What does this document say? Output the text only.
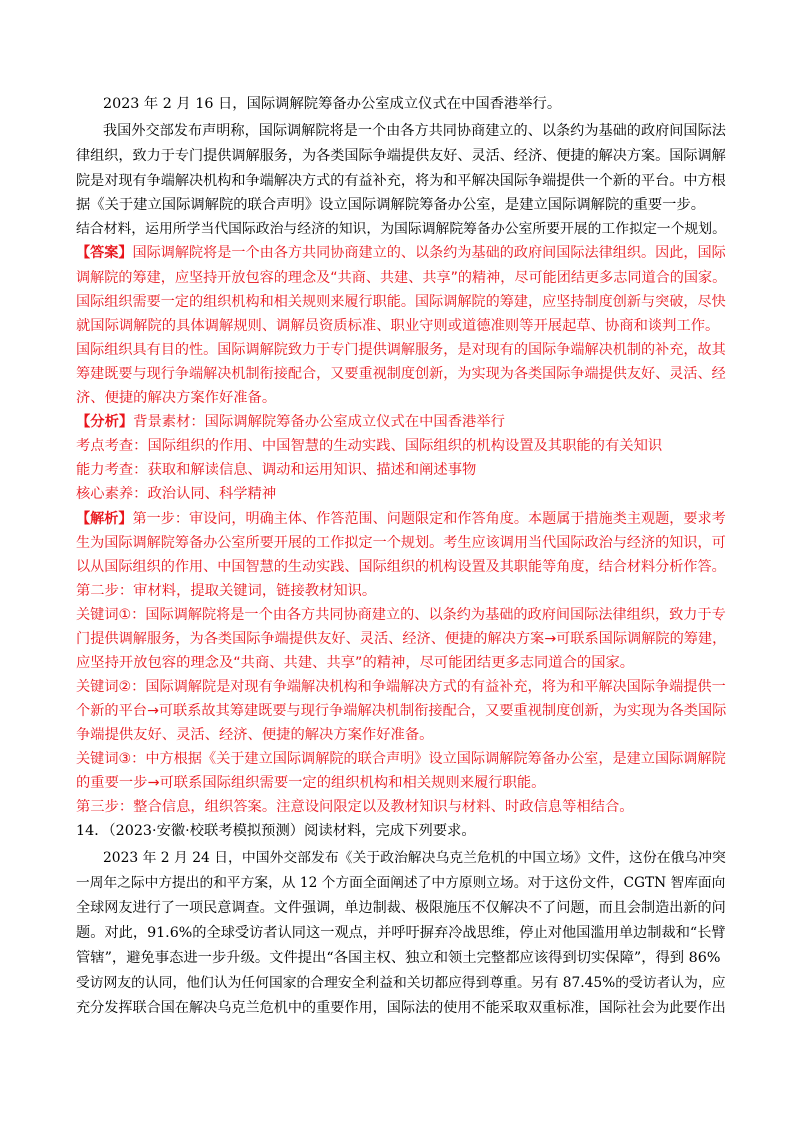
2023 年 2 月 16 日，国际调解院筹备办公室成立仪式在中国香港举行。
我国外交部发布声明称，国际调解院将是一个由各方共同协商建立的、以条约为基础的政府间国际法
律组织，致力于专门提供调解服务，为各类国际争端提供友好、灵活、经济、便捷的解决方案。国际调解
院是对现有争端解决机构和争端解决方式的有益补充，将为和平解决国际争端提供一个新的平台。中方根
据《关于建立国际调解院的联合声明》设立国际调解院筹备办公室，是建立国际调解院的重要一步。
结合材料，运用所学当代国际政治与经济的知识，为国际调解院筹备办公室所要开展的工作拟定一个规划。
【答案】国际调解院将是一个由各方共同协商建立的、以条约为基础的政府间国际法律组织。因此，国际
调解院的筹建，应坚持开放包容的理念及“共商、共建、共享”的精神，尽可能团结更多志同道合的国家。
国际组织需要一定的组织机构和相关规则来履行职能。国际调解院的筹建，应坚持制度创新与突破，尽快
就国际调解院的具体调解规则、调解员资质标准、职业守则或道德准则等开展起草、协商和谈判工作。
国际组织具有目的性。国际调解院致力于专门提供调解服务，是对现有的国际争端解决机制的补充，故其
筹建既要与现行争端解决机制衔接配合，又要重视制度创新，为实现为各类国际争端提供友好、灵活、经
济、便捷的解决方案作好准备。
【分析】背景素材：国际调解院筹备办公室成立仪式在中国香港举行
考点考查：国际组织的作用、中国智慧的生动实践、国际组织的机构设置及其职能的有关知识
能力考查：获取和解读信息、调动和运用知识、描述和阐述事物
核心素养：政治认同、科学精神
【解析】第一步：审设问，明确主体、作答范围、问题限定和作答角度。本题属于措施类主观题，要求考
生为国际调解院筹备办公室所要开展的工作拟定一个规划。考生应该调用当代国际政治与经济的知识，可
以从国际组织的作用、中国智慧的生动实践、国际组织的机构设置及其职能等角度，结合材料分析作答。
第二步：审材料，提取关键词，链接教材知识。
关键词①：国际调解院将是一个由各方共同协商建立的、以条约为基础的政府间国际法律组织，致力于专
门提供调解服务，为各类国际争端提供友好、灵活、经济、便捷的解决方案→可联系国际调解院的筹建，
应坚持开放包容的理念及“共商、共建、共享”的精神，尽可能团结更多志同道合的国家。
关键词②：国际调解院是对现有争端解决机构和争端解决方式的有益补充，将为和平解决国际争端提供一
个新的平台→可联系故其筹建既要与现行争端解决机制衔接配合，又要重视制度创新，为实现为各类国际
争端提供友好、灵活、经济、便捷的解决方案作好准备。
关键词③：中方根据《关于建立国际调解院的联合声明》设立国际调解院筹备办公室，是建立国际调解院
的重要一步→可联系国际组织需要一定的组织机构和相关规则来履行职能。
第三步：整合信息，组织答案。注意设问限定以及教材知识与材料、时政信息等相结合。
14．（2023·安徽·校联考模拟预测）阅读材料，完成下列要求。
2023 年 2 月 24 日，中国外交部发布《关于政治解决乌克兰危机的中国立场》文件，这份在俄乌冲突
一周年之际中方提出的和平方案，从 12 个方面全面阐述了中方原则立场。对于这份文件，CGTN 智库面向
全球网友进行了一项民意调查。文件强调，单边制裁、极限施压不仅解决不了问题，而且会制造出新的问
题。对此，91.6%的全球受访者认同这一观点，并呼吁摒弃冷战思维，停止对他国滥用单边制裁和“长臂
管辖”，避免事态进一步升级。文件提出“各国主权、独立和领土完整都应该得到切实保障”，得到 86%
受访网友的认同，他们认为任何国家的合理安全利益和关切都应得到尊重。另有 87.45%的受访者认为，应
充分发挥联合国在解决乌克兰危机中的重要作用，国际法的使用不能采取双重标准，国际社会为此要作出
